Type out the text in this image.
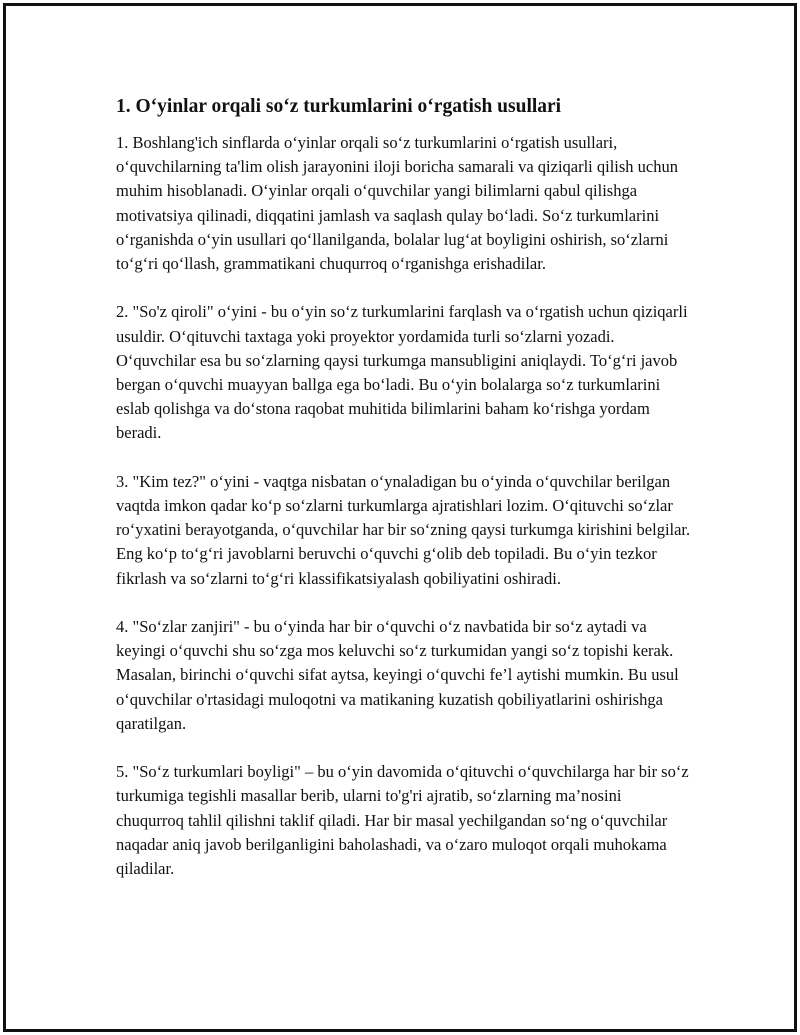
1. O‘yinlar orqali so‘z turkumlarini o‘rgatish usullari

1. Boshlang'ich sinflarda o‘yinlar orqali so‘z turkumlarini o‘rgatish usullari, o‘quvchilarning ta'lim olish jarayonini iloji boricha samarali va qiziqarli qilish uchun muhim hisoblanadi. O‘yinlar orqali o‘quvchilar yangi bilimlarni qabul qilishga motivatsiya qilinadi, diqqatini jamlash va saqlash qulay bo‘ladi. So‘z turkumlarini o‘rganishda o‘yin usullari qo‘llanilganda, bolalar lug‘at boyligini oshirish, so‘zlarni to‘g‘ri qo‘llash, grammatikani chuqurroq o‘rganishga erishadilar.

2. "So'z qiroli" o‘yini - bu o‘yin so‘z turkumlarini farqlash va o‘rgatish uchun qiziqarli usuldir. O‘qituvchi taxtaga yoki proyektor yordamida turli so‘zlarni yozadi. O‘quvchilar esa bu so‘zlarning qaysi turkumga mansubligini aniqlaydi. To‘g‘ri javob bergan o‘quvchi muayyan ballga ega bo‘ladi. Bu o‘yin bolalarga so‘z turkumlarini eslab qolishga va do‘stona raqobat muhitida bilimlarini baham ko‘rishga yordam beradi.

3. "Kim tez?" o‘yini - vaqtga nisbatan o‘ynaladigan bu o‘yinda o‘quvchilar berilgan vaqtda imkon qadar ko‘p so‘zlarni turkumlarga ajratishlari lozim. O‘qituvchi so‘zlar ro‘yxatini berayotganda, o‘quvchilar har bir so‘zning qaysi turkumga kirishini belgilar. Eng ko‘p to‘g‘ri javoblarni beruvchi o‘quvchi g‘olib deb topiladi. Bu o‘yin tezkor fikrlash va so‘zlarni to‘g‘ri klassifikatsiyalash qobiliyatini oshiradi.

4. "So‘zlar zanjiri" - bu o‘yinda har bir o‘quvchi o‘z navbatida bir so‘z aytadi va keyingi o‘quvchi shu so‘zga mos keluvchi so‘z turkumidan yangi so‘z topishi kerak. Masalan, birinchi o‘quvchi sifat aytsa, keyingi o‘quvchi fe’l aytishi mumkin. Bu usul o‘quvchilar o'rtasidagi muloqotni va matikaning kuzatish qobiliyatlarini oshirishga qaratilgan.

5. "So‘z turkumlari boyligi" – bu o‘yin davomida o‘qituvchi o‘quvchilarga har bir so‘z turkumiga tegishli masallar berib, ularni to'g'ri ajratib, so‘zlarning ma’nosini chuqurroq tahlil qilishni taklif qiladi. Har bir masal yechilgandan so‘ng o‘quvchilar naqadar aniq javob berilganligini baholashadi, va o‘zaro muloqot orqali muhokama qiladilar.
